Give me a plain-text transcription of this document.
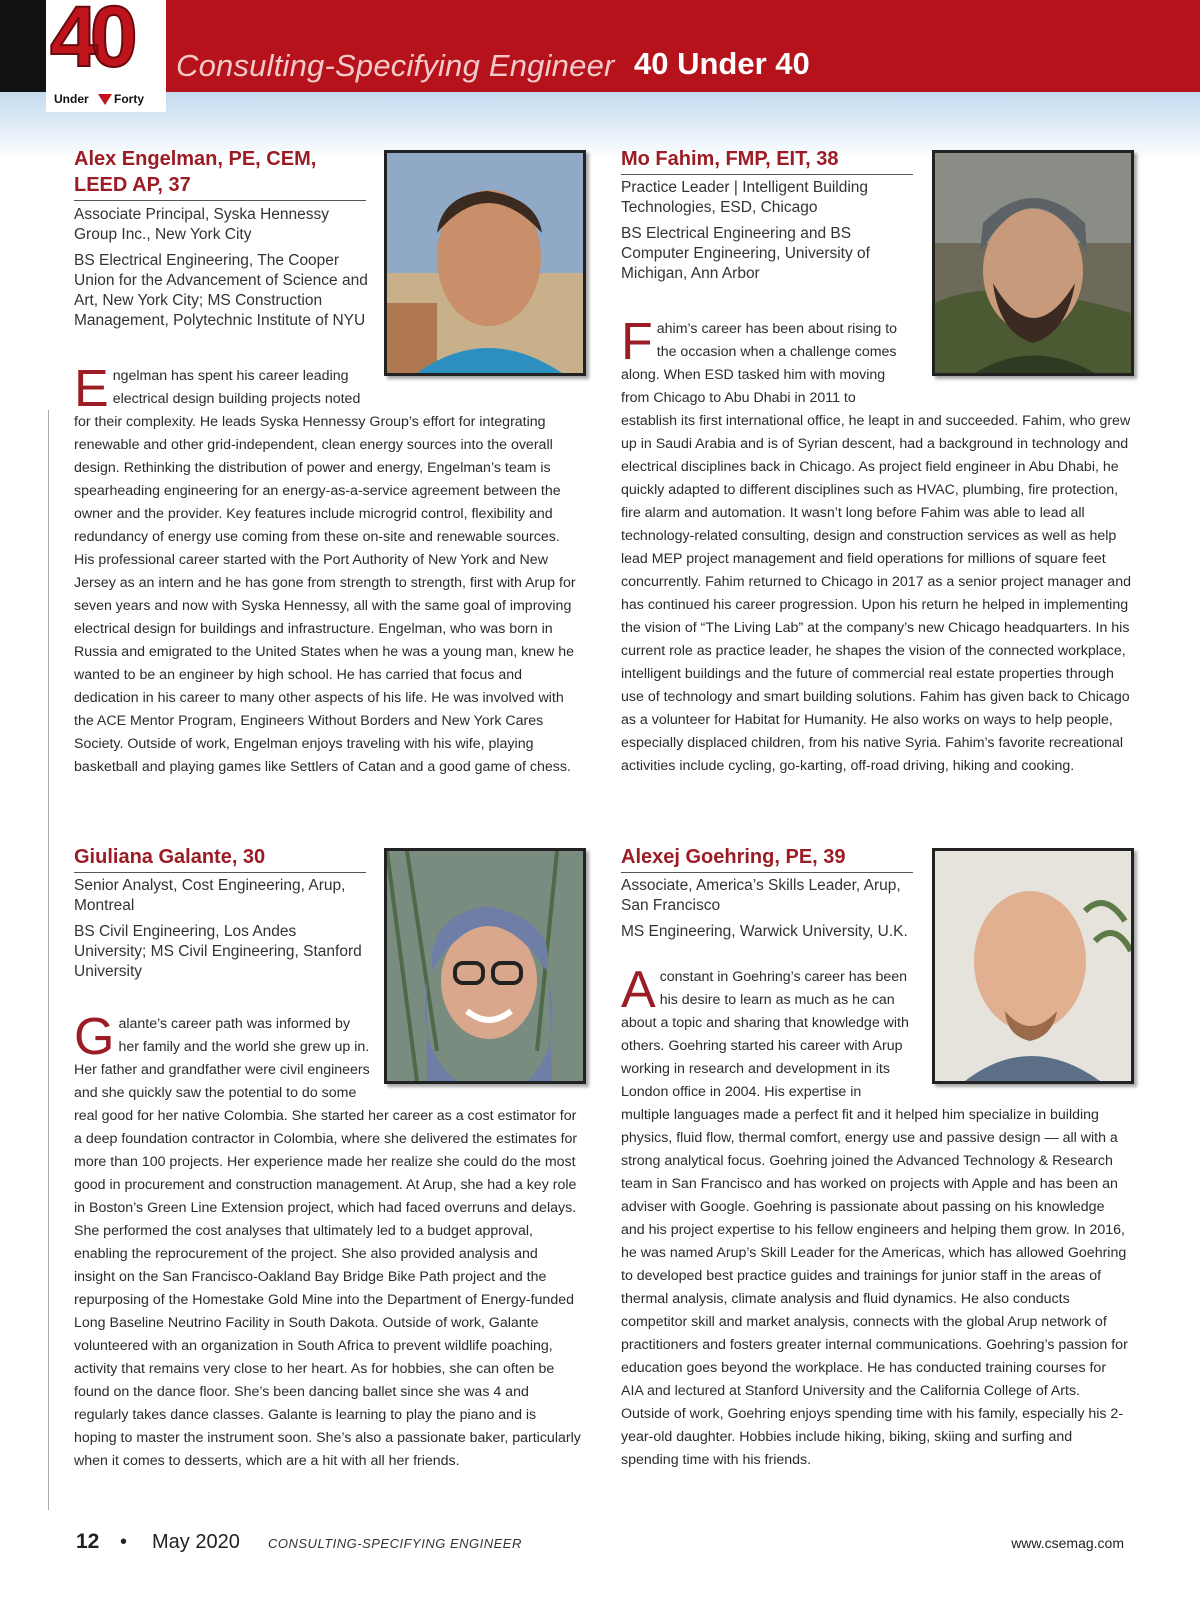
40
Under Forty
Consulting-Specifying Engineer 40 Under 40
Alex Engelman, PE, CEM,
LEED AP, 37
Associate Principal, Syska Hennessy Group Inc., New York City
BS Electrical Engineering, The Cooper Union for the Advancement of Science and Art, New York City; MS Construction Management, Polytechnic Institute of NYU

Engelman has spent his career leading electrical design building projects noted for their complexity. He leads Syska Hennessy Group’s effort for integrating renewable and other grid-independent, clean energy sources into the overall design. Rethinking the distribution of power and energy, Engelman’s team is spearheading engineering for an energy-as-a-service agreement between the owner and the provider. Key features include microgrid control, flexibility and redundancy of energy use coming from these on-site and renewable sources. His professional career started with the Port Authority of New York and New Jersey as an intern and he has gone from strength to strength, first with Arup for seven years and now with Syska Hennessy, all with the same goal of improving electrical design for buildings and infrastructure. Engelman, who was born in Russia and emigrated to the United States when he was a young man, knew he wanted to be an engineer by high school. He has carried that focus and dedication in his career to many other aspects of his life. He was involved with the ACE Mentor Program, Engineers Without Borders and New York Cares Society. Outside of work, Engelman enjoys traveling with his wife, playing basketball and playing games like Settlers of Catan and a good game of chess.

Mo Fahim, FMP, EIT, 38
Practice Leader | Intelligent Building Technologies, ESD, Chicago
BS Electrical Engineering and BS Computer Engineering, University of Michigan, Ann Arbor

Fahim’s career has been about rising to the occasion when a challenge comes along. When ESD tasked him with moving from Chicago to Abu Dhabi in 2011 to establish its first international office, he leapt in and succeeded. Fahim, who grew up in Saudi Arabia and is of Syrian descent, had a background in technology and electrical disciplines back in Chicago. As project field engineer in Abu Dhabi, he quickly adapted to different disciplines such as HVAC, plumbing, fire protection, fire alarm and automation. It wasn’t long before Fahim was able to lead all technology-related consulting, design and construction services as well as help lead MEP project management and field operations for millions of square feet concurrently. Fahim returned to Chicago in 2017 as a senior project manager and has continued his career progression. Upon his return he helped in implementing the vision of “The Living Lab” at the company’s new Chicago headquarters. In his current role as practice leader, he shapes the vision of the connected workplace, intelligent buildings and the future of commercial real estate properties through use of technology and smart building solutions. Fahim has given back to Chicago as a volunteer for Habitat for Humanity. He also works on ways to help people, especially displaced children, from his native Syria. Fahim’s favorite recreational activities include cycling, go-karting, off-road driving, hiking and cooking.

Giuliana Galante, 30
Senior Analyst, Cost Engineering, Arup, Montreal
BS Civil Engineering, Los Andes University; MS Civil Engineering, Stanford University

Galante’s career path was informed by her family and the world she grew up in. Her father and grandfather were civil engineers and she quickly saw the potential to do some real good for her native Colombia. She started her career as a cost estimator for a deep foundation contractor in Colombia, where she delivered the estimates for more than 100 projects. Her experience made her realize she could do the most good in procurement and construction management. At Arup, she had a key role in Boston’s Green Line Extension project, which had faced overruns and delays. She performed the cost analyses that ultimately led to a budget approval, enabling the reprocurement of the project. She also provided analysis and insight on the San Francisco-Oakland Bay Bridge Bike Path project and the repurposing of the Homestake Gold Mine into the Department of Energy-funded Long Baseline Neutrino Facility in South Dakota. Outside of work, Galante volunteered with an organization in South Africa to prevent wildlife poaching, activity that remains very close to her heart. As for hobbies, she can often be found on the dance floor. She’s been dancing ballet since she was 4 and regularly takes dance classes. Galante is learning to play the piano and is hoping to master the instrument soon. She’s also a passionate baker, particularly when it comes to desserts, which are a hit with all her friends.

Alexej Goehring, PE, 39
Associate, America’s Skills Leader, Arup, San Francisco
MS Engineering, Warwick University, U.K.

Aconstant in Goehring’s career has been his desire to learn as much as he can about a topic and sharing that knowledge with others. Goehring started his career with Arup working in research and development in its London office in 2004. His expertise in multiple languages made a perfect fit and it helped him specialize in building physics, fluid flow, thermal comfort, energy use and passive design — all with a strong analytical focus. Goehring joined the Advanced Technology & Research team in San Francisco and has worked on projects with Apple and has been an adviser with Google. Goehring is passionate about passing on his knowledge and his project expertise to his fellow engineers and helping them grow. In 2016, he was named Arup’s Skill Leader for the Americas, which has allowed Goehring to developed best practice guides and trainings for junior staff in the areas of thermal analysis, climate analysis and fluid dynamics. He also conducts competitor skill and market analysis, connects with the global Arup network of practitioners and fosters greater internal communications. Goehring’s passion for education goes beyond the workplace. He has conducted training courses for AIA and lectured at Stanford University and the California College of Arts. Outside of work, Goehring enjoys spending time with his family, especially his 2-year-old daughter. Hobbies include hiking, biking, skiing and surfing and spending time with his friends.

12 • May 2020 CONSULTING-SPECIFYING ENGINEER	www.csemag.com
